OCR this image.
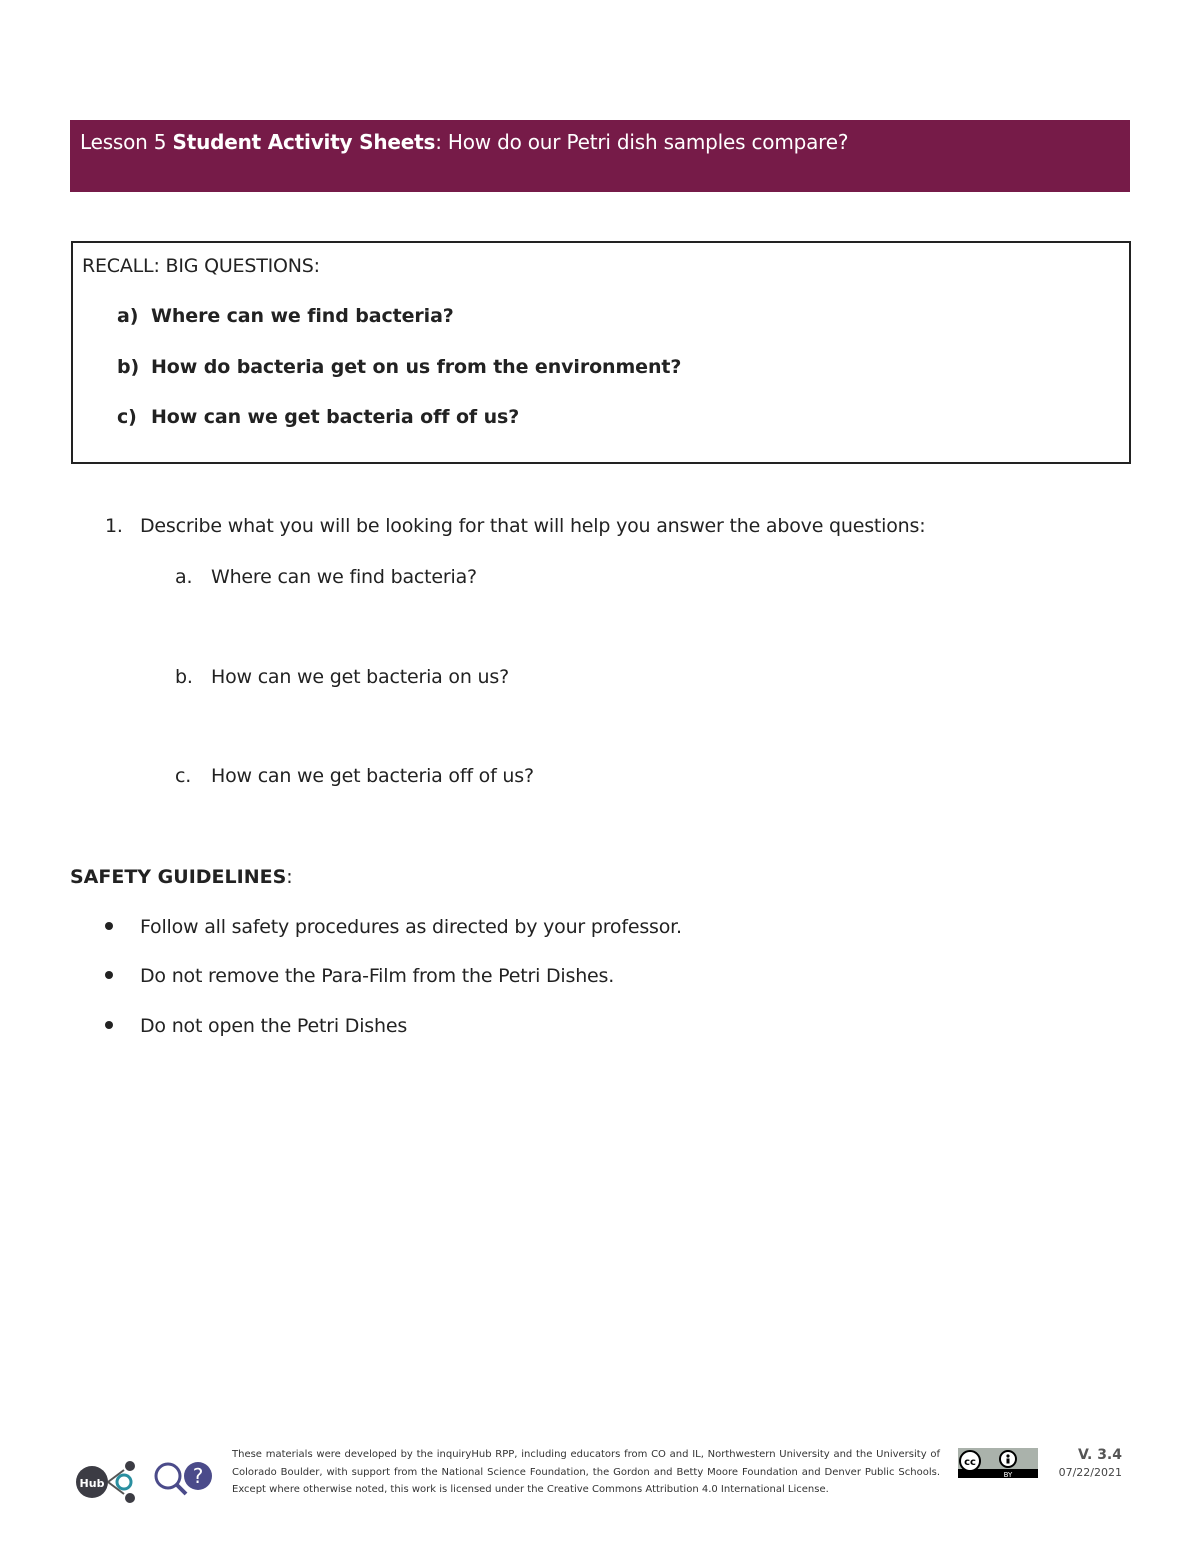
Lesson 5 Student Activity Sheets: How do our Petri dish samples compare?
RECALL: BIG QUESTIONS:
a) Where can we find bacteria?
b) How do bacteria get on us from the environment?
c) How can we get bacteria off of us?
1. Describe what you will be looking for that will help you answer the above questions:
a. Where can we find bacteria?
b. How can we get bacteria on us?
c. How can we get bacteria off of us?
SAFETY GUIDELINES:
Follow all safety procedures as directed by your professor.
Do not remove the Para-Film from the Petri Dishes.
Do not open the Petri Dishes
Hub	?
These materials were developed by the inquiryHub RPP, including educators from CO and IL, Northwestern University and the University of Colorado Boulder, with support from the National Science Foundation, the Gordon and Betty Moore Foundation and Denver Public Schools. Except where otherwise noted, this work is licensed under the Creative Commons Attribution 4.0 International License.
cc
BY
V. 3.4
07/22/2021
